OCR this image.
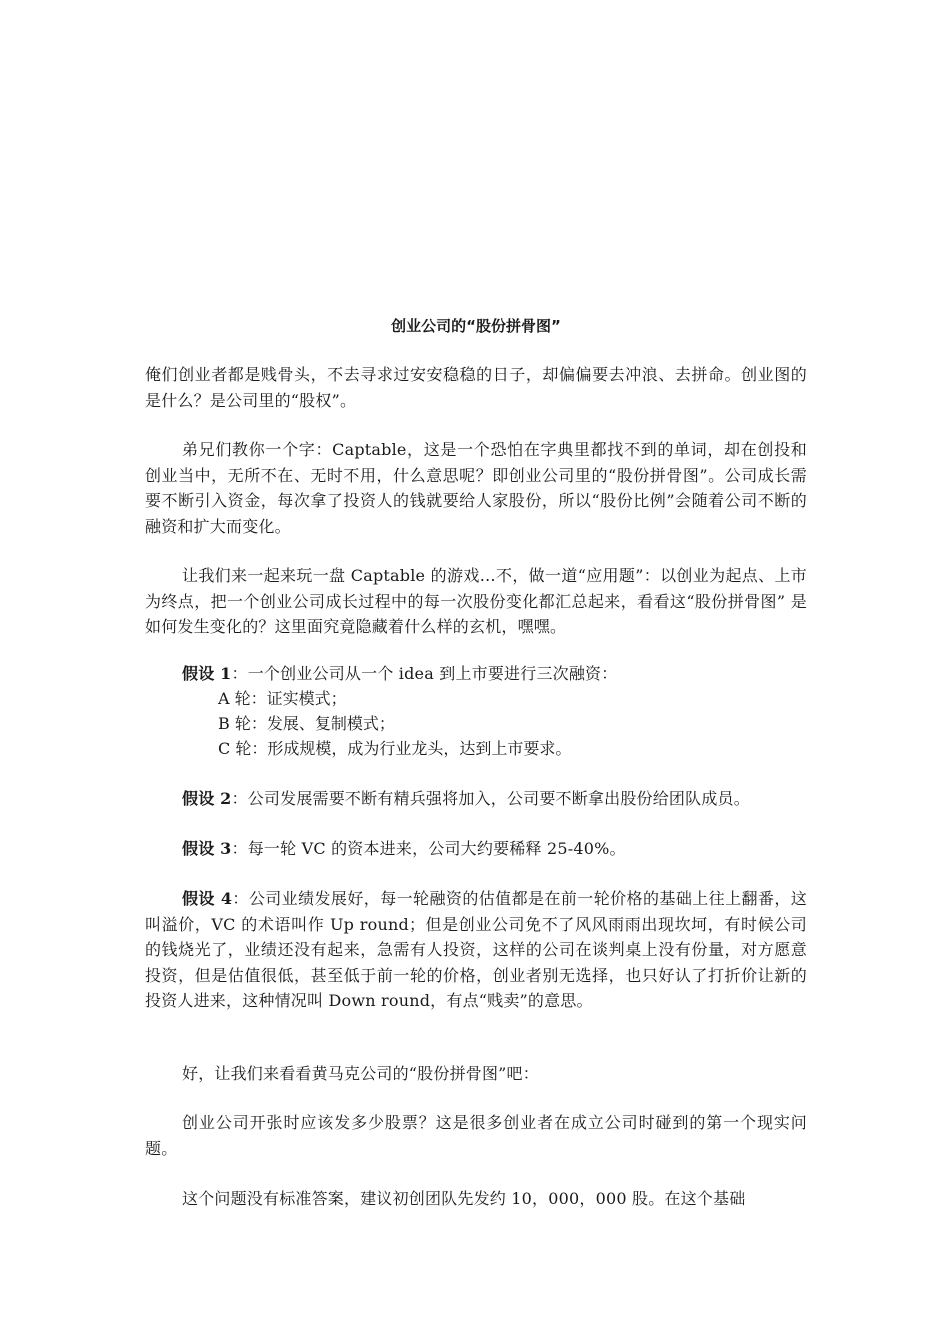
创业公司的“股份拼骨图”

俺们创业者都是贱骨头，不去寻求过安安稳稳的日子，却偏偏要去冲浪、去拼命。创业图的是什么？是公司里的“股权”。

弟兄们教你一个字：Captable，这是一个恐怕在字典里都找不到的单词，却在创投和创业当中，无所不在、无时不用，什么意思呢？即创业公司里的“股份拼骨图”。公司成长需要不断引入资金，每次拿了投资人的钱就要给人家股份，所以“股份比例”会随着公司不断的融资和扩大而变化。

让我们来一起来玩一盘 Captable 的游戏…不，做一道“应用题”：以创业为起点、上市为终点，把一个创业公司成长过程中的每一次股份变化都汇总起来，看看这“股份拼骨图” 是如何发生变化的？这里面究竟隐藏着什么样的玄机，嘿嘿。

假设 1：一个创业公司从一个 idea 到上市要进行三次融资：

A 轮：证实模式；

B 轮：发展、复制模式；

C 轮：形成规模，成为行业龙头，达到上市要求。

假设 2：公司发展需要不断有精兵强将加入，公司要不断拿出股份给团队成员。

假设 3：每一轮 VC 的资本进来，公司大约要稀释 25-40%。

假设 4：公司业绩发展好，每一轮融资的估值都是在前一轮价格的基础上往上翻番，这叫溢价，VC 的术语叫作 Up round；但是创业公司免不了风风雨雨出现坎坷，有时候公司的钱烧光了，业绩还没有起来，急需有人投资，这样的公司在谈判桌上没有份量，对方愿意投资，但是估值很低，甚至低于前一轮的价格，创业者别无选择，也只好认了打折价让新的投资人进来，这种情况叫 Down round，有点“贱卖”的意思。

好，让我们来看看黄马克公司的“股份拼骨图”吧：

创业公司开张时应该发多少股票？这是很多创业者在成立公司时碰到的第一个现实问题。

这个问题没有标准答案，建议初创团队先发约 10，000，000 股。在这个基础
